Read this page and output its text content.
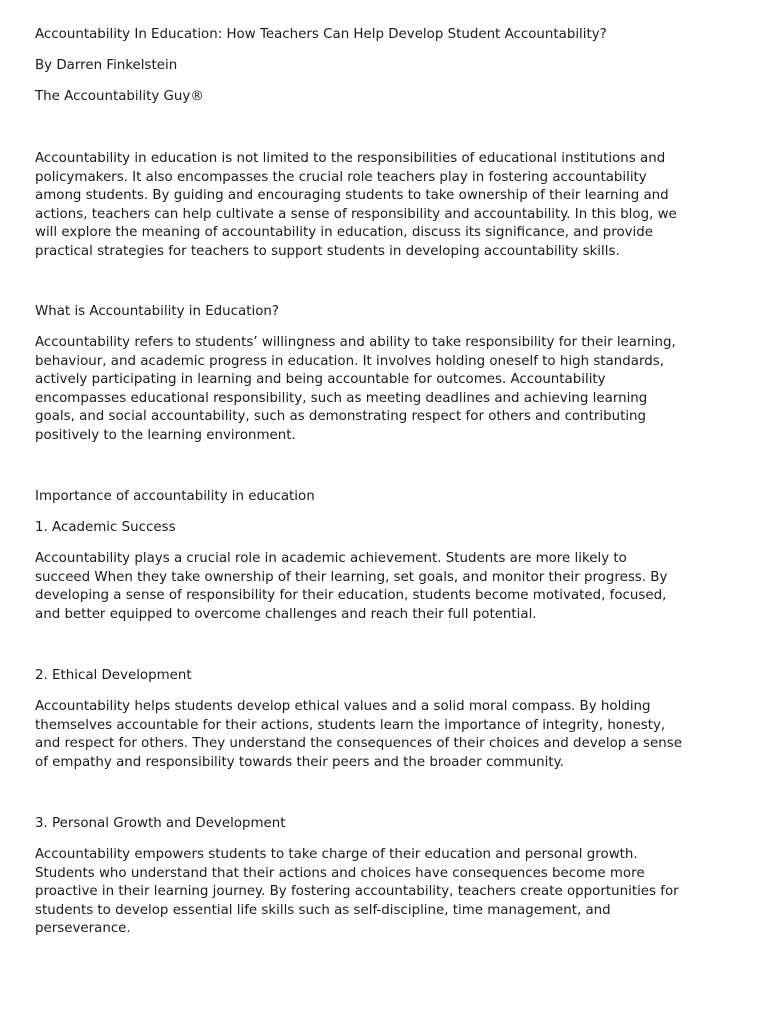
Accountability In Education: How Teachers Can Help Develop Student Accountability?

By Darren Finkelstein

The Accountability Guy®

Accountability in education is not limited to the responsibilities of educational institutions and
policymakers. It also encompasses the crucial role teachers play in fostering accountability
among students. By guiding and encouraging students to take ownership of their learning and
actions, teachers can help cultivate a sense of responsibility and accountability. In this blog, we
will explore the meaning of accountability in education, discuss its significance, and provide
practical strategies for teachers to support students in developing accountability skills.

What is Accountability in Education?

Accountability refers to students’ willingness and ability to take responsibility for their learning,
behaviour, and academic progress in education. It involves holding oneself to high standards,
actively participating in learning and being accountable for outcomes. Accountability
encompasses educational responsibility, such as meeting deadlines and achieving learning
goals, and social accountability, such as demonstrating respect for others and contributing
positively to the learning environment.

Importance of accountability in education

1. Academic Success

Accountability plays a crucial role in academic achievement. Students are more likely to
succeed When they take ownership of their learning, set goals, and monitor their progress. By
developing a sense of responsibility for their education, students become motivated, focused,
and better equipped to overcome challenges and reach their full potential.

2. Ethical Development

Accountability helps students develop ethical values and a solid moral compass. By holding
themselves accountable for their actions, students learn the importance of integrity, honesty,
and respect for others. They understand the consequences of their choices and develop a sense
of empathy and responsibility towards their peers and the broader community.

3. Personal Growth and Development

Accountability empowers students to take charge of their education and personal growth.
Students who understand that their actions and choices have consequences become more
proactive in their learning journey. By fostering accountability, teachers create opportunities for
students to develop essential life skills such as self-discipline, time management, and
perseverance.
